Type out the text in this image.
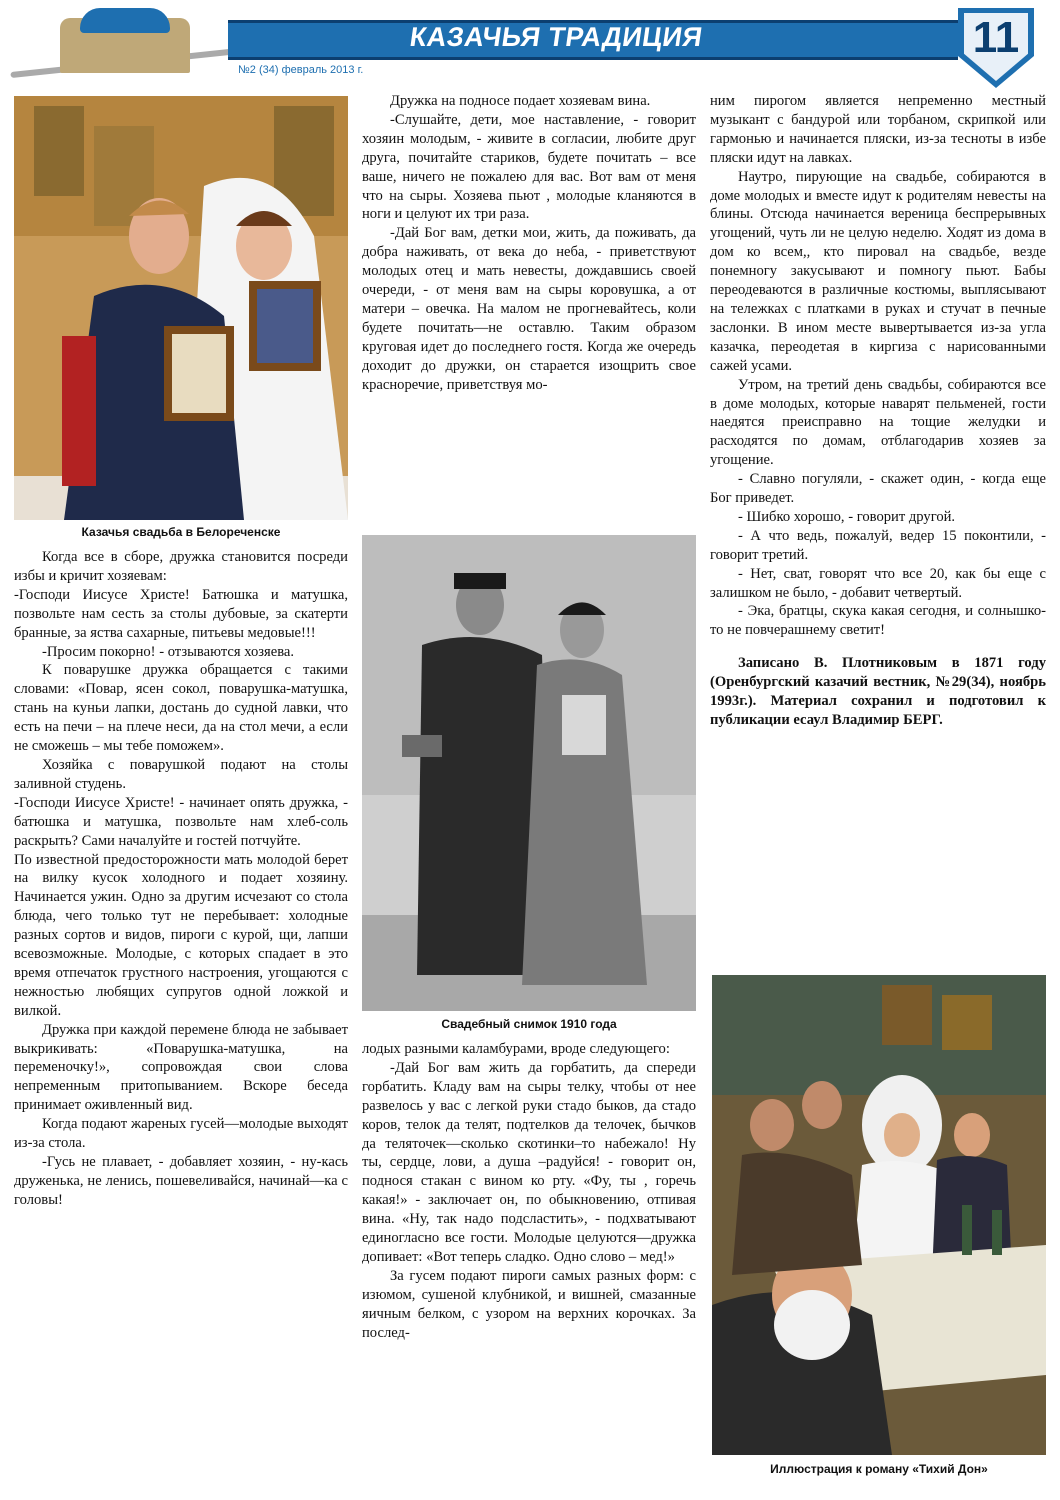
КАЗАЧЬЯ ТРАДИЦИЯ
№2 (34) февраль 2013 г.
11
Казачья свадьба в Белореченске

Когда все в сборе, дружка становится посреди избы и кричит хозяевам:

-Господи Иисусе Христе! Батюшка и матушка, позвольте нам сесть за столы дубовые, за скатерти бранные, за яства сахарные, питьевы медовые!!!

-Просим покорно! - отзываются хозяева.

К поварушке дружка обращается с такими словами: «Повар, ясен сокол, поварушка-матушка, стань на куньи лапки, достань до судной лавки, что есть на печи – на плече неси, да на стол мечи, а если не сможешь – мы тебе поможем».

Хозяйка с поварушкой подают на столы заливной студень.

-Господи Иисусе Христе! - начинает опять дружка, - батюшка и матушка, позвольте нам хлеб-соль раскрыть? Сами началуйте и гостей потчуйте.

По известной предосторожности мать молодой берет на вилку кусок холодного и подает хозяину. Начинается ужин. Одно за другим исчезают со стола блюда, чего только тут не перебывает: холодные разных сортов и видов, пироги с курой, щи, лапши всевозможные. Молодые, с которых спадает в это время отпечаток грустного настроения, угощаются с нежностью любящих супругов одной ложкой и вилкой.

Дружка при каждой перемене блюда не забывает выкрикивать: «Поварушка-матушка, на переменочку!», сопровождая свои слова непременным притопыванием. Вскоре беседа принимает оживленный вид.

Когда подают жареных гусей—молодые выходят из-за стола.

-Гусь не плавает, - добавляет хозяин, - ну-кась друженька, не ленись, пошевеливайся, начинай—ка с головы!

Дружка на подносе подает хозяевам вина.

-Слушайте, дети, мое наставление, - говорит хозяин молодым, - живите в согласии, любите друг друга, почитайте стариков, будете почитать – все ваше, ничего не пожалею для вас. Вот вам от меня что на сыры. Хозяева пьют , молодые кланяются в ноги и целуют их три раза.

-Дай Бог вам, детки мои, жить, да поживать, да добра наживать, от века до неба, - приветствуют молодых отец и мать невесты, дождавшись своей очереди, - от меня вам на сыры коровушка, а от матери – овечка. На малом не прогневайтесь, коли будете почитать—не оставлю. Таким образом круговая идет до последнего гостя. Когда же очередь доходит до дружки, он старается изощрить свое красноречие, приветствуя мо-

Свадебный снимок 1910 года

лодых разными каламбурами, вроде следующего:

-Дай Бог вам жить да горбатить, да спереди горбатить. Кладу вам на сыры телку, чтобы от нее развелось у вас с легкой руки стадо быков, да стадо коров, телок да телят, подтелков да телочек, бычков да теляточек—сколько скотинки–то набежало! Ну ты, сердце, лови, а душа –радуйся! - говорит он, поднося стакан с вином ко рту. «Фу, ты , горечь какая!» - заключает он, по обыкновению, отпивая вина. «Ну, так надо подсластить», - подхватывают единогласно все гости. Молодые целуются—дружка допивает: «Вот теперь сладко. Одно слово – мед!»

За гусем подают пироги самых разных форм: с изюмом, сушеной клубникой, и вишней, смазанные яичным белком, с узором на верхних корочках. За послед-

ним пирогом является непременно местный музыкант с бандурой или торбаном, скрипкой или гармонью и начинается пляски, из-за тесноты в избе пляски идут на лавках.

Наутро, пирующие на свадьбе, собираются в доме молодых и вместе идут к родителям невесты на блины. Отсюда начинается вереница беспрерывных угощений, чуть ли не целую неделю. Ходят из дома в дом ко всем,, кто пировал на свадьбе, везде понемногу закусывают и помногу пьют. Бабы переодеваются в различные костюмы, выплясывают на тележках с платками в руках и стучат в печные заслонки. В ином месте вывертывается из-за угла казачка, переодетая в киргиза с нарисованными сажей усами.

Утром, на третий день свадьбы, собираются все в доме молодых, которые наварят пельменей, гости наедятся преисправно на тощие желудки и расходятся по домам, отблагодарив хозяев за угощение.

- Славно погуляли, - скажет один, - когда еще Бог приведет.

- Шибко хорошо, - говорит другой.

- А что ведь, пожалуй, ведер 15 поконтили, - говорит третий.

- Нет, сват, говорят что все 20, как бы еще с залишком не было, - добавит четвертый.

- Эка, братцы, скука какая сегодня, и солнышко-то не повчерашнему светит!

Записано В. Плотниковым в 1871 году (Оренбургский казачий вестник, №29(34), ноябрь 1993г.). Материал сохранил и подготовил к публикации есаул Владимир БЕРГ.

Иллюстрация к роману «Тихий Дон»
